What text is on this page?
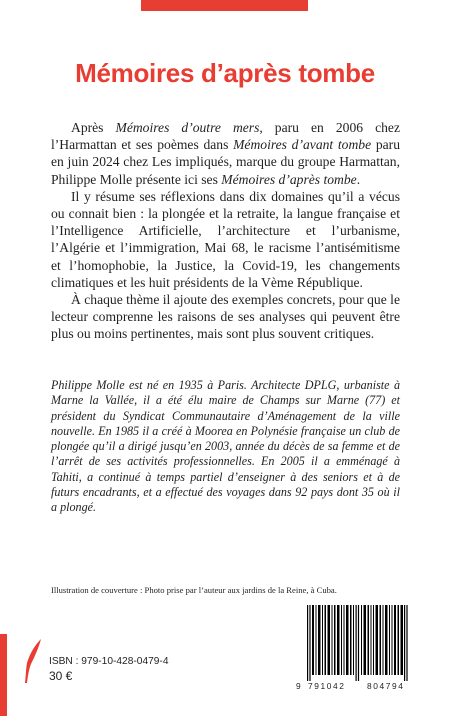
Mémoires d’après tombe

Après Mémoires d’outre mers, paru en 2006 chez l’Harmattan et ses poèmes dans Mémoires d’avant tombe paru en juin 2024 chez Les impliqués, marque du groupe Harmattan, Philippe Molle présente ici ses Mémoires d’après tombe.

Il y résume ses réflexions dans dix domaines qu’il a vécus ou connait bien : la plongée et la retraite, la langue française et l’Intelligence Artificielle, l’architecture et l’urbanisme, l’Algérie et l’immigration, Mai 68, le racisme l’antisémitisme et l’homophobie, la Justice, la Covid-19, les changements climatiques et les huit présidents de la Vème République.

À chaque thème il ajoute des exemples concrets, pour que le lecteur comprenne les raisons de ses analyses qui peuvent être plus ou moins pertinentes, mais sont plus souvent critiques.

Philippe Molle est né en 1935 à Paris. Architecte DPLG, urbaniste à Marne la Vallée, il a été élu maire de Champs sur Marne (77) et président du Syndicat Communautaire d’Aménagement de la ville nouvelle. En 1985 il a créé à Moorea en Polynésie française un club de plongée qu’il a dirigé jusqu’en 2003, année du décès de sa femme et de l’arrêt de ses activités professionnelles. En 2005 il a emménagé à Tahiti, a continué à temps partiel d’enseigner à des seniors et à de futurs encadrants, et a effectué des voyages dans 92 pays dont 35 où il a plongé.

Illustration de couverture : Photo prise par l’auteur aux jardins de la Reine, à Cuba.
ISBN : 979-10-428-0479-4
30 €
9 791042	804794
